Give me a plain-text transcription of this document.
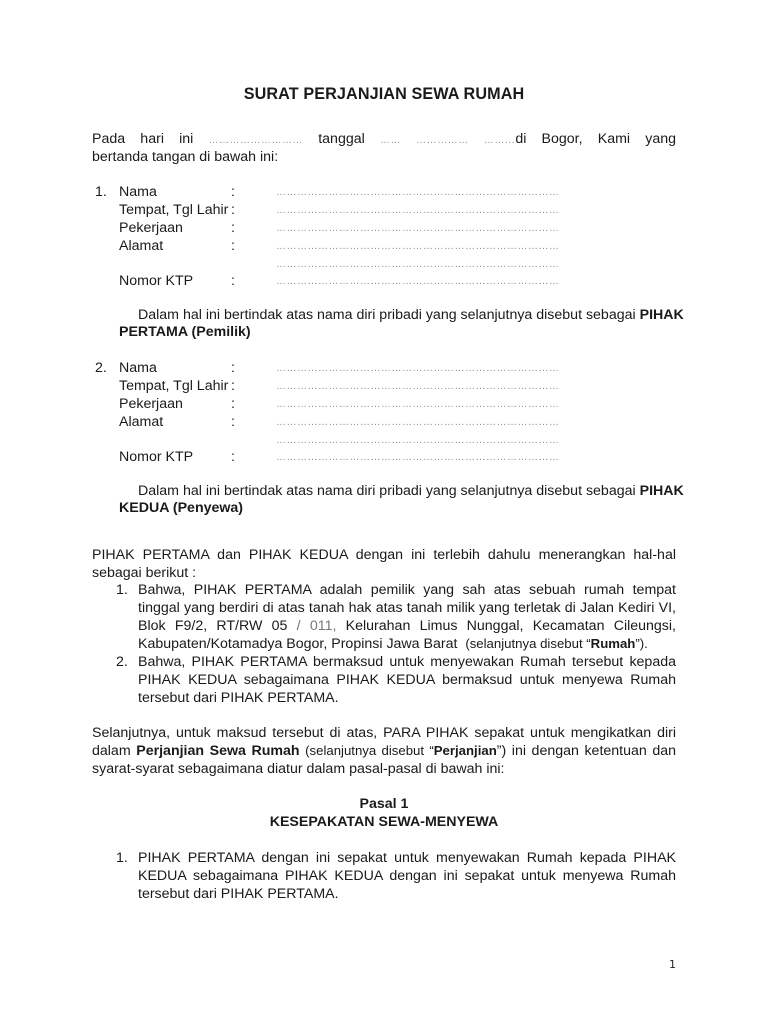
SURAT PERJANJIAN SEWA RUMAH
Pada hari ini ……………………… tanggal …… …………… ………di Bogor, Kami yang
bertanda tangan di bawah ini:
1. Nama	:	………………………………………………………………………
Tempat, Tgl Lahir :	………………………………………………………………………
Pekerjaan	:	………………………………………………………………………
Alamat	:	………………………………………………………………………
………………………………………………………………………
Nomor KTP	:	………………………………………………………………………
Dalam hal ini bertindak atas nama diri pribadi yang selanjutnya disebut sebagai PIHAK
PERTAMA (Pemilik)
2. Nama	:	………………………………………………………………………
Tempat, Tgl Lahir :	………………………………………………………………………
Pekerjaan	:	………………………………………………………………………
Alamat	:	………………………………………………………………………
………………………………………………………………………
Nomor KTP	:	………………………………………………………………………
Dalam hal ini bertindak atas nama diri pribadi yang selanjutnya disebut sebagai PIHAK
KEDUA (Penyewa)
PIHAK PERTAMA dan PIHAK KEDUA dengan ini terlebih dahulu menerangkan hal-hal
sebagai berikut :
1. Bahwa, PIHAK PERTAMA adalah pemilik yang sah atas sebuah rumah tempat
tinggal yang berdiri di atas tanah hak atas tanah milik yang terletak di Jalan Kediri VI,
Blok F9/2, RT/RW 05 / 011, Kelurahan Limus Nunggal, Kecamatan Cileungsi,
Kabupaten/Kotamadya Bogor, Propinsi Jawa Barat (selanjutnya disebut “Rumah”).
2. Bahwa, PIHAK PERTAMA bermaksud untuk menyewakan Rumah tersebut kepada
PIHAK KEDUA sebagaimana PIHAK KEDUA bermaksud untuk menyewa Rumah
tersebut dari PIHAK PERTAMA.
Selanjutnya, untuk maksud tersebut di atas, PARA PIHAK sepakat untuk mengikatkan diri
dalam Perjanjian Sewa Rumah (selanjutnya disebut “Perjanjian”) ini dengan ketentuan dan
syarat-syarat sebagaimana diatur dalam pasal-pasal di bawah ini:
Pasal 1
KESEPAKATAN SEWA-MENYEWA
1. PIHAK PERTAMA dengan ini sepakat untuk menyewakan Rumah kepada PIHAK
KEDUA sebagaimana PIHAK KEDUA dengan ini sepakat untuk menyewa Rumah
tersebut dari PIHAK PERTAMA.
1
